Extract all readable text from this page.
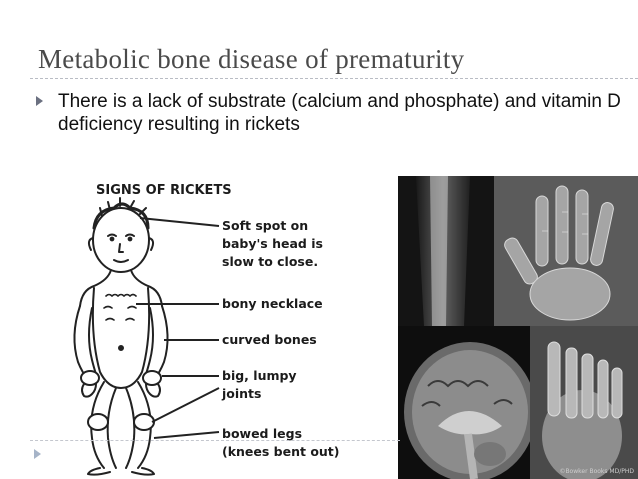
Metabolic bone disease of prematurity
There is a lack of substrate (calcium and phosphate) and vitamin D deficiency resulting in rickets
SIGNS OF RICKETS
Soft spot on baby's head is slow to close.
bony necklace
curved bones
big, lumpy joints
bowed legs (knees bent out)
©Bowker Books MD/PHD
